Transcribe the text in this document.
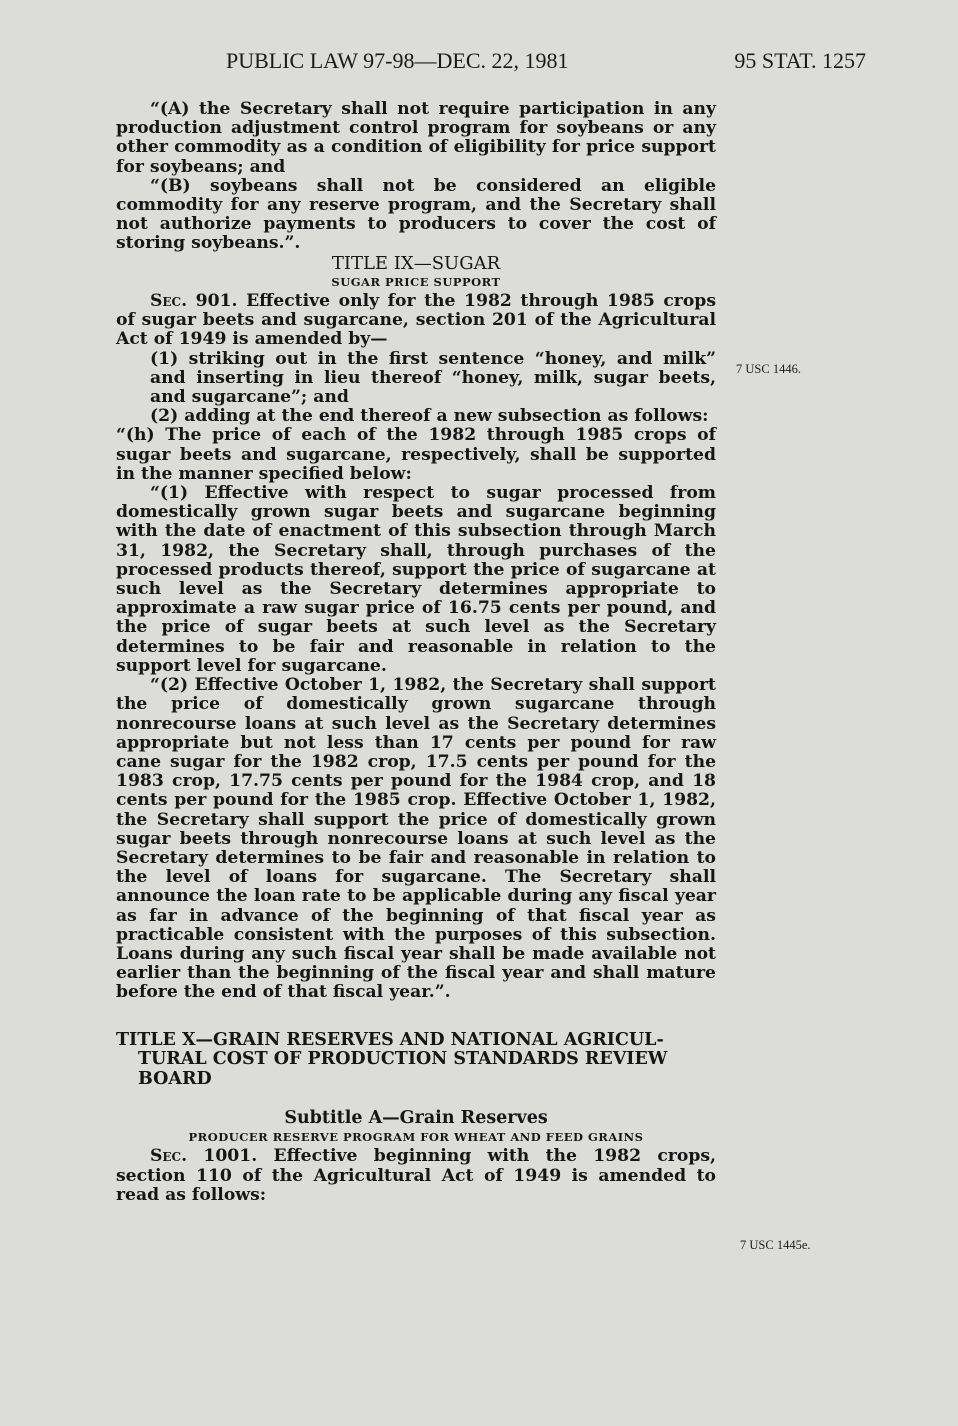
PUBLIC LAW 97-98—DEC. 22, 1981	95 STAT. 1257

“(A) the Secretary shall not require participation in any production adjustment control program for soybeans or any other commodity as a condition of eligibility for price support for soybeans; and

“(B) soybeans shall not be considered an eligible commodity for any reserve program, and the Secretary shall not authorize payments to producers to cover the cost of storing soybeans.”.

TITLE IX—SUGAR

SUGAR PRICE SUPPORT

Sec. 901. Effective only for the 1982 through 1985 crops of sugar beets and sugarcane, section 201 of the Agricultural Act of 1949 is amended by—

(1) striking out in the first sentence “honey, and milk” and inserting in lieu thereof “honey, milk, sugar beets, and sugarcane”; and

(2) adding at the end thereof a new subsection as follows:

“(h) The price of each of the 1982 through 1985 crops of sugar beets and sugarcane, respectively, shall be supported in the manner specified below:

“(1) Effective with respect to sugar processed from domestically grown sugar beets and sugarcane beginning with the date of enactment of this subsection through March 31, 1982, the Secretary shall, through purchases of the processed products thereof, support the price of sugarcane at such level as the Secretary determines appropriate to approximate a raw sugar price of 16.75 cents per pound, and the price of sugar beets at such level as the Secretary determines to be fair and reasonable in relation to the support level for sugarcane.

“(2) Effective October 1, 1982, the Secretary shall support the price of domestically grown sugarcane through nonrecourse loans at such level as the Secretary determines appropriate but not less than 17 cents per pound for raw cane sugar for the 1982 crop, 17.5 cents per pound for the 1983 crop, 17.75 cents per pound for the 1984 crop, and 18 cents per pound for the 1985 crop. Effective October 1, 1982, the Secretary shall support the price of domestically grown sugar beets through nonrecourse loans at such level as the Secretary determines to be fair and reasonable in relation to the level of loans for sugarcane. The Secretary shall announce the loan rate to be applicable during any fiscal year as far in advance of the beginning of that fiscal year as practicable consistent with the purposes of this subsection. Loans during any such fiscal year shall be made available not earlier than the beginning of the fiscal year and shall mature before the end of that fiscal year.”.

TITLE X—GRAIN RESERVES AND NATIONAL AGRICUL-
TURAL COST OF PRODUCTION STANDARDS REVIEW
BOARD

Subtitle A—Grain Reserves

PRODUCER RESERVE PROGRAM FOR WHEAT AND FEED GRAINS

Sec. 1001. Effective beginning with the 1982 crops, section 110 of the Agricultural Act of 1949 is amended to read as follows:

7 USC 1446.
7 USC 1445e.
